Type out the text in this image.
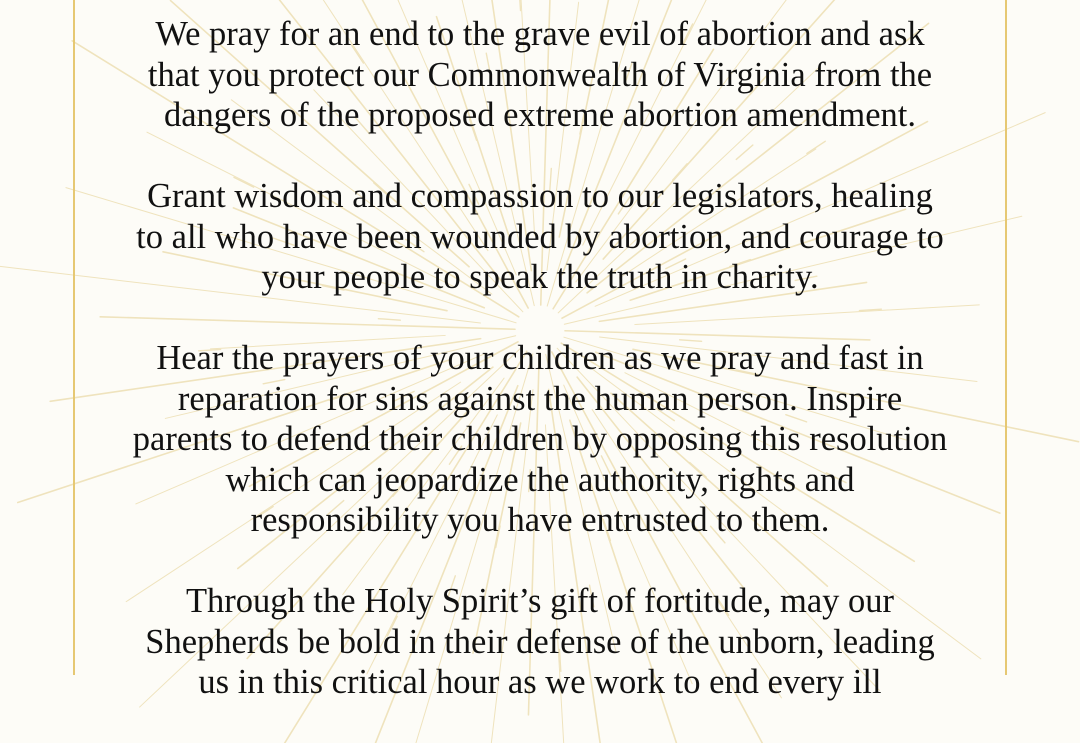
We pray for an end to the grave evil of abortion and ask
that you protect our Commonwealth of Virginia from the
dangers of the proposed extreme abortion amendment.

Grant wisdom and compassion to our legislators, healing
to all who have been wounded by abortion, and courage to
your people to speak the truth in charity.

Hear the prayers of your children as we pray and fast in
reparation for sins against the human person. Inspire
parents to defend their children by opposing this resolution
which can jeopardize the authority, rights and
responsibility you have entrusted to them.

Through the Holy Spirit’s gift of fortitude, may our
Shepherds be bold in their defense of the unborn, leading
us in this critical hour as we work to end every ill
